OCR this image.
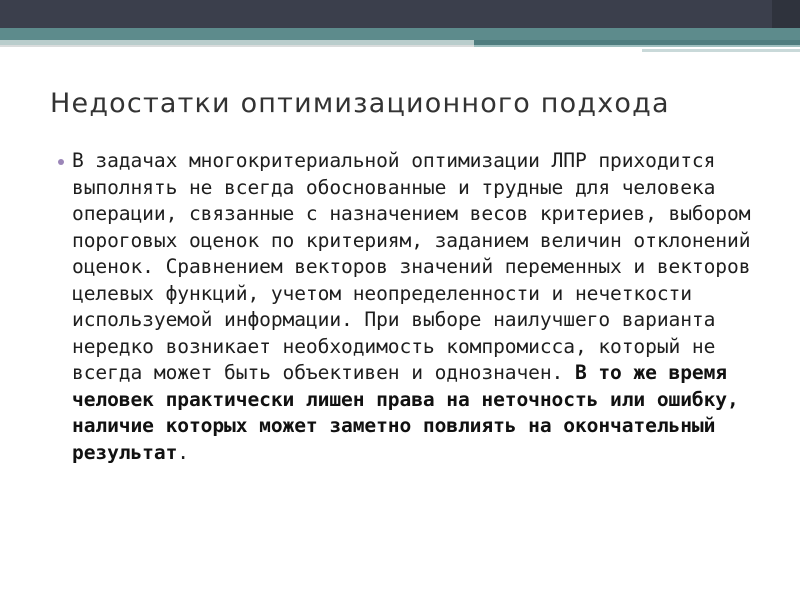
Недостатки оптимизационного подхода
В задачах многокритериальной оптимизации ЛПР приходится выполнять не всегда обоснованные и трудные для человека операции, связанные с назначением весов критериев, выбором пороговых оценок по критериям, заданием величин отклонений оценок. Сравнением векторов значений переменных и векторов целевых функций, учетом неопределенности и нечеткости используемой информации. При выборе наилучшего варианта нередко возникает необходимость компромисса, который не всегда может быть объективен и однозначен. В то же время человек практически лишен права на неточность или ошибку, наличие которых может заметно повлиять на окончательный результат.
